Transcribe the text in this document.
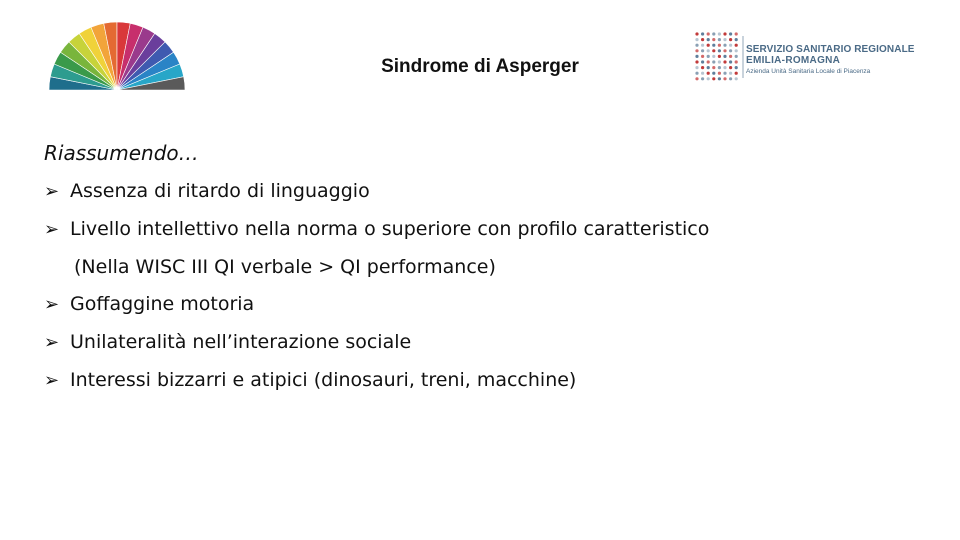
Sindrome di Asperger
SERVIZIO SANITARIO REGIONALE
EMILIA-ROMAGNA
Azienda Unità Sanitaria Locale di Piacenza
Riassumendo…
➢ Assenza di ritardo di linguaggio
➢ Livello intellettivo nella norma o superiore con profilo caratteristico
(Nella WISC III QI verbale > QI performance)
➢ Goffaggine motoria
➢ Unilateralità nell’interazione sociale
➢ Interessi bizzarri e atipici (dinosauri, treni, macchine)
